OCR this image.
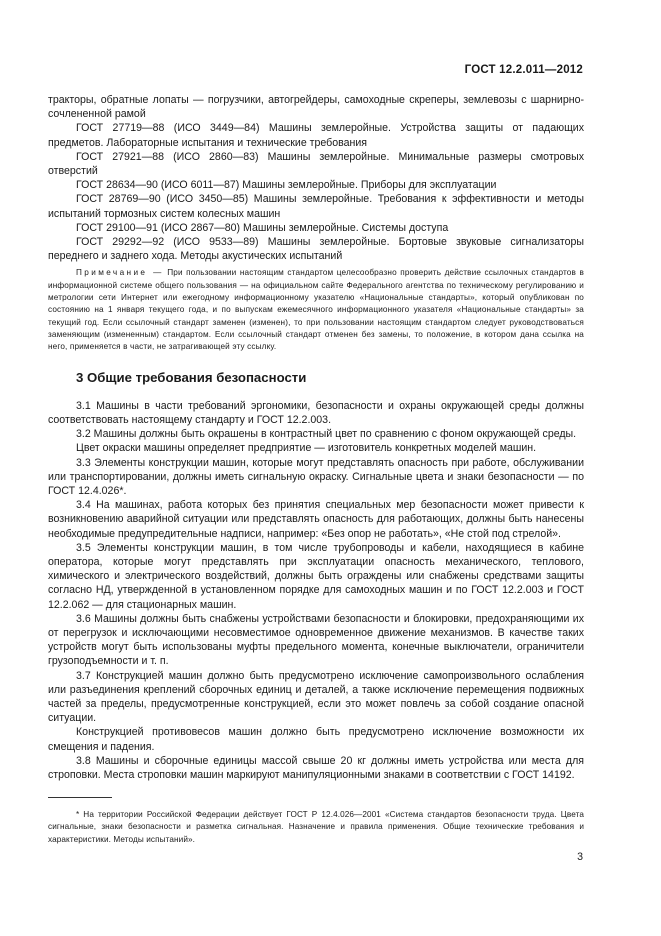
ГОСТ 12.2.011—2012

тракторы, обратные лопаты — погрузчики, автогрейдеры, самоходные скреперы, землевозы с шарнирно-сочлененной рамой

ГОСТ 27719—88 (ИСО 3449—84) Машины землеройные. Устройства защиты от падающих предметов. Лабораторные испытания и технические требования

ГОСТ 27921—88 (ИСО 2860—83) Машины землеройные. Минимальные размеры смотровых отверстий

ГОСТ 28634—90 (ИСО 6011—87) Машины землеройные. Приборы для эксплуатации

ГОСТ 28769—90 (ИСО 3450—85) Машины землеройные. Требования к эффективности и методы испытаний тормозных систем колесных машин

ГОСТ 29100—91 (ИСО 2867—80) Машины землеройные. Системы доступа

ГОСТ 29292—92 (ИСО 9533—89) Машины землеройные. Бортовые звуковые сигнализаторы переднего и заднего хода. Методы акустических испытаний

Примечание — При пользовании настоящим стандартом целесообразно проверить действие ссылочных стандартов в информационной системе общего пользования — на официальном сайте Федерального агентства по техническому регулированию и метрологии сети Интернет или ежегодному информационному указателю «Национальные стандарты», который опубликован по состоянию на 1 января текущего года, и по выпускам ежемесячного информационного указателя «Национальные стандарты» за текущий год. Если ссылочный стандарт заменен (изменен), то при пользовании настоящим стандартом следует руководствоваться заменяющим (измененным) стандартом. Если ссылочный стандарт отменен без замены, то положение, в котором дана ссылка на него, применяется в части, не затрагивающей эту ссылку.

3 Общие требования безопасности

3.1 Машины в части требований эргономики, безопасности и охраны окружающей среды должны соответствовать настоящему стандарту и ГОСТ 12.2.003.

3.2 Машины должны быть окрашены в контрастный цвет по сравнению с фоном окружающей среды.

Цвет окраски машины определяет предприятие — изготовитель конкретных моделей машин.

3.3 Элементы конструкции машин, которые могут представлять опасность при работе, обслуживании или транспортировании, должны иметь сигнальную окраску. Сигнальные цвета и знаки безопасности — по ГОСТ 12.4.026*.

3.4 На машинах, работа которых без принятия специальных мер безопасности может привести к возникновению аварийной ситуации или представлять опасность для работающих, должны быть нанесены необходимые предупредительные надписи, например: «Без опор не работать», «Не стой под стрелой».

3.5 Элементы конструкции машин, в том числе трубопроводы и кабели, находящиеся в кабине оператора, которые могут представлять при эксплуатации опасность механического, теплового, химического и электрического воздействий, должны быть ограждены или снабжены средствами защиты согласно НД, утвержденной в установленном порядке для самоходных машин и по ГОСТ 12.2.003 и ГОСТ 12.2.062 — для стационарных машин.

3.6 Машины должны быть снабжены устройствами безопасности и блокировки, предохраняющими их от перегрузок и исключающими несовместимое одновременное движение механизмов. В качестве таких устройств могут быть использованы муфты предельного момента, конечные выключатели, ограничители грузоподъемности и т. п.

3.7 Конструкцией машин должно быть предусмотрено исключение самопроизвольного ослабления или разъединения креплений сборочных единиц и деталей, а также исключение перемещения подвижных частей за пределы, предусмотренные конструкцией, если это может повлечь за собой создание опасной ситуации.

Конструкцией противовесов машин должно быть предусмотрено исключение возможности их смещения и падения.

3.8 Машины и сборочные единицы массой свыше 20 кг должны иметь устройства или места для строповки. Места строповки машин маркируют манипуляционными знаками в соответствии с ГОСТ 14192.

* На территории Российской Федерации действует ГОСТ Р 12.4.026—2001 «Система стандартов безопасности труда. Цвета сигнальные, знаки безопасности и разметка сигнальная. Назначение и правила применения. Общие технические требования и характеристики. Методы испытаний».

3
